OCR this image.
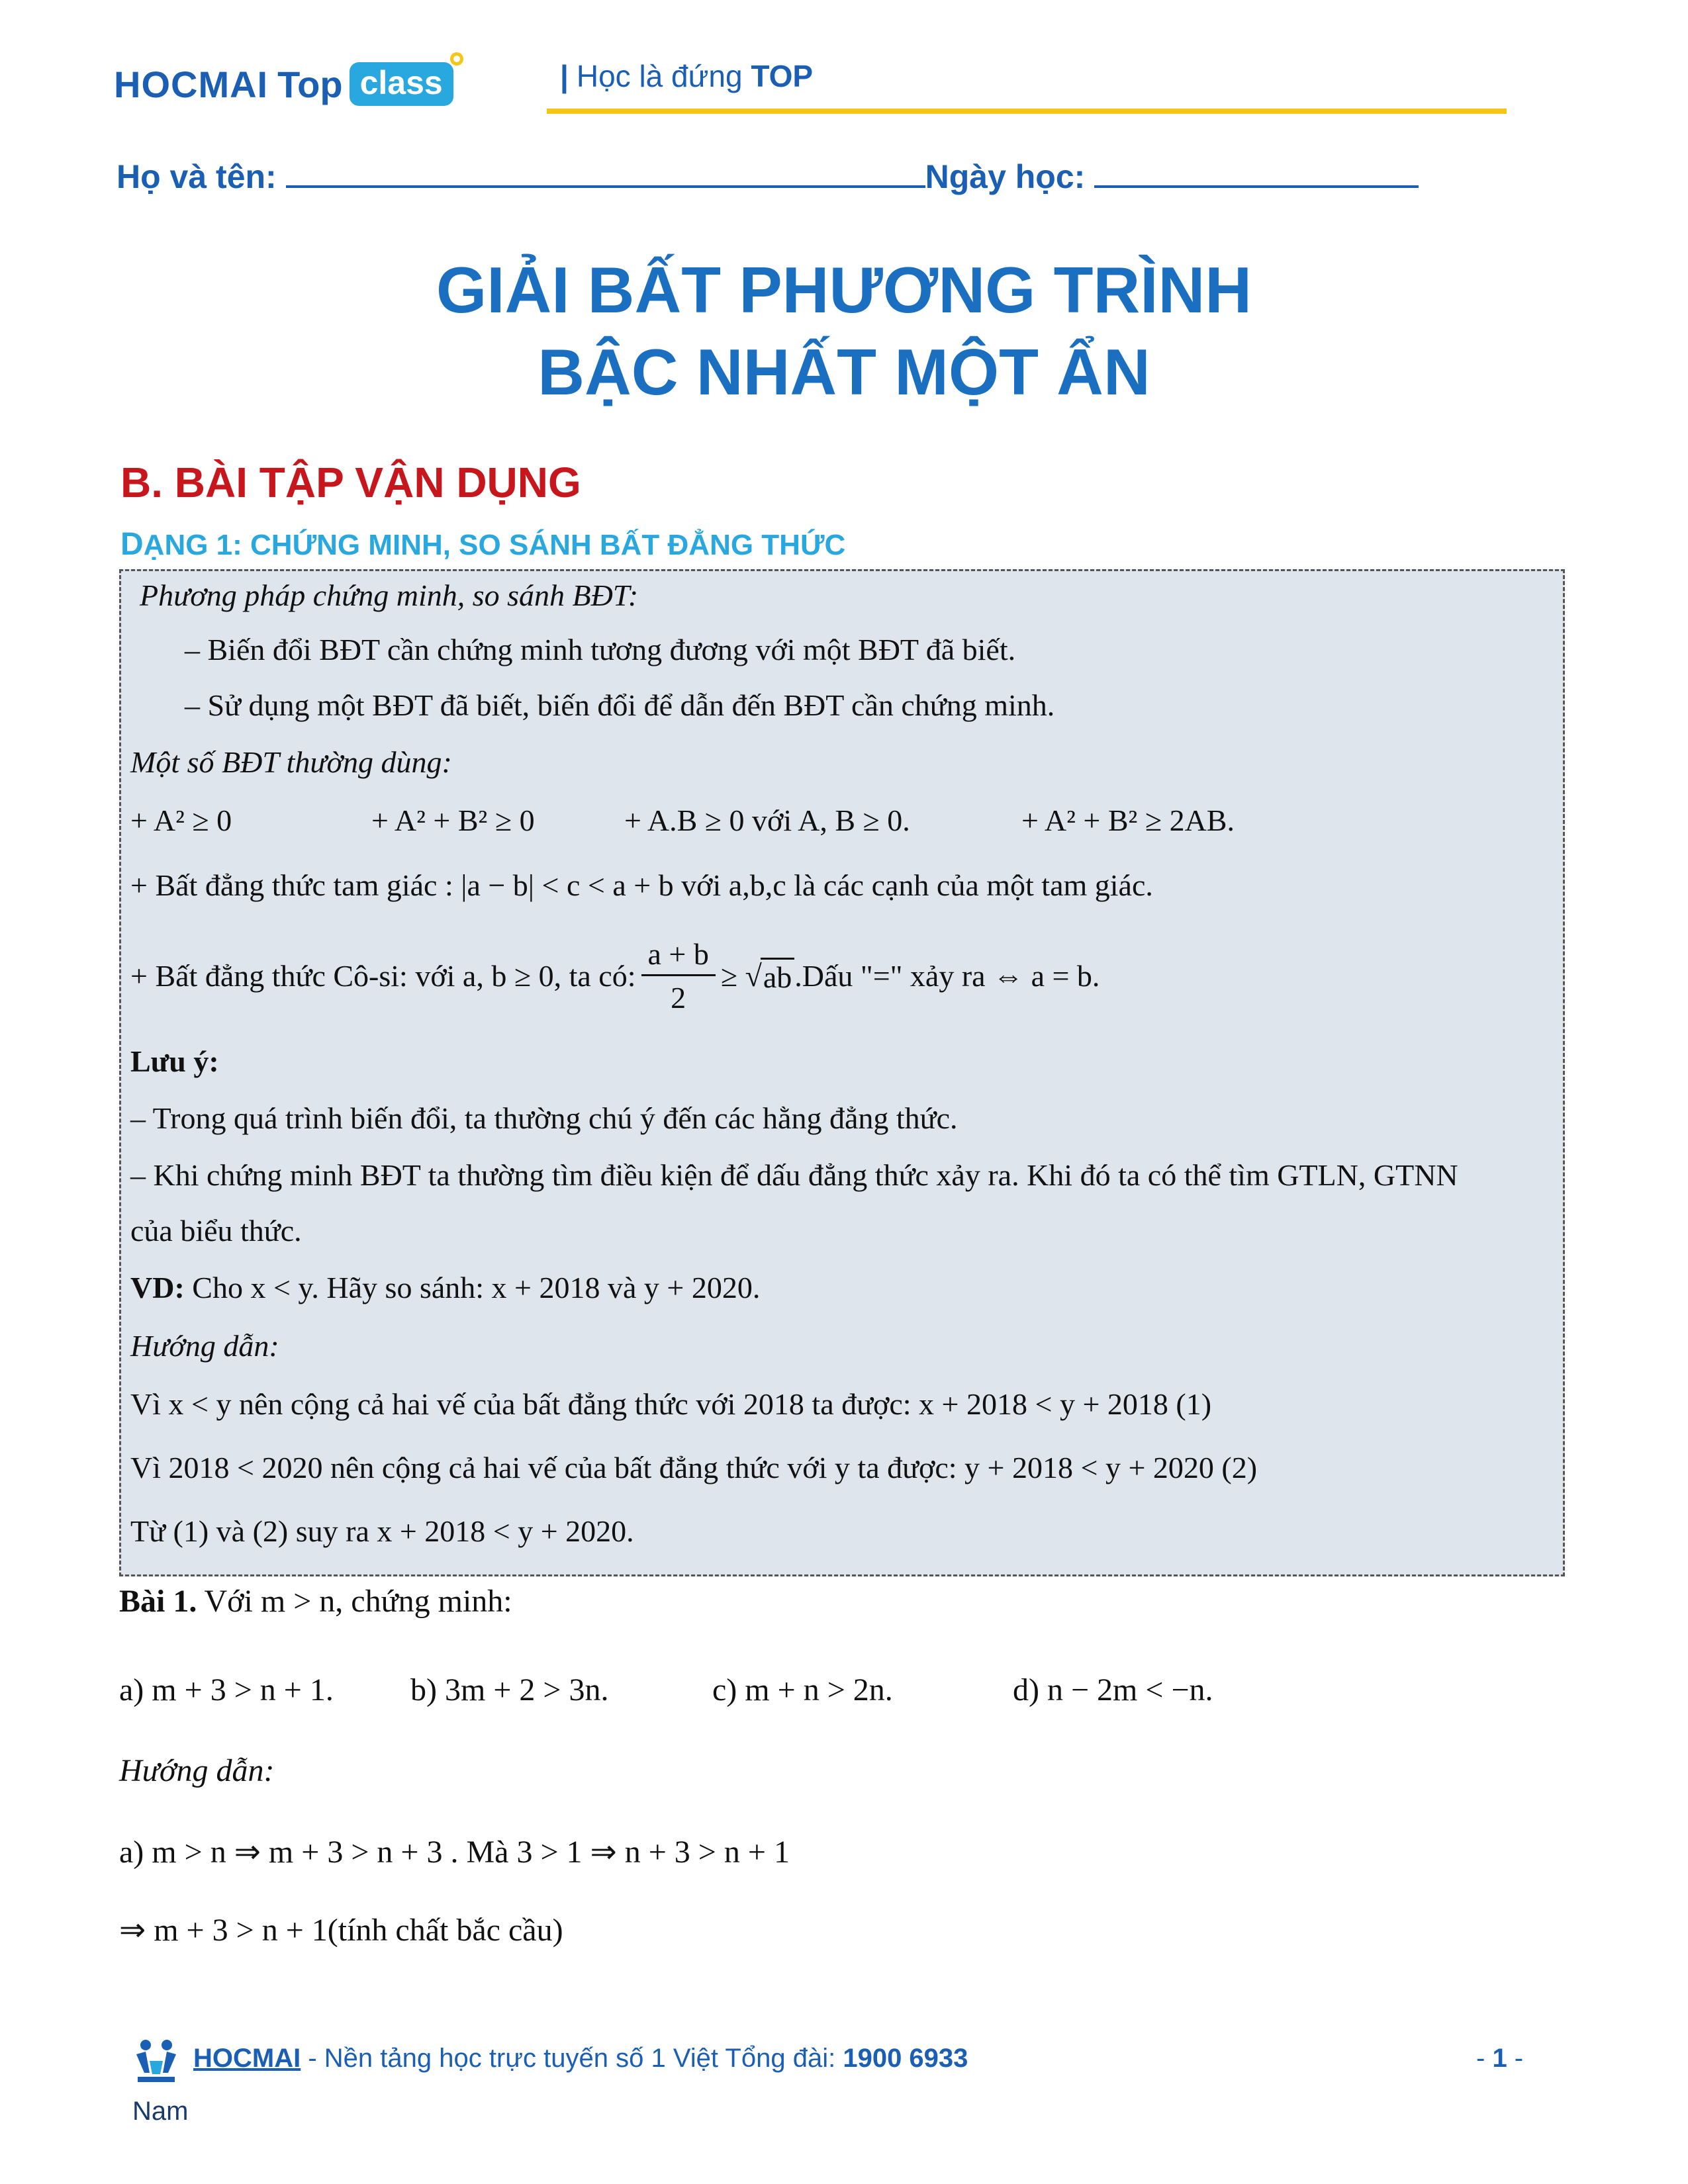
HOCMAI Top class	| Học là đứng TOP
Họ và tên:	Ngày học:
GIẢI BẤT PHƯƠNG TRÌNH
BẬC NHẤT MỘT ẨN
B. BÀI TẬP VẬN DỤNG
DẠNG 1: CHỨNG MINH, SO SÁNH BẤT ĐẲNG THỨC
Phương pháp chứng minh, so sánh BĐT:
– Biến đổi BĐT cần chứng minh tương đương với một BĐT đã biết.
– Sử dụng một BĐT đã biết, biến đổi để dẫn đến BĐT cần chứng minh.
Một số BĐT thường dùng:
+ A² ≥ 0	+ A² + B² ≥ 0	+ A.B ≥ 0 với A, B ≥ 0.	+ A² + B² ≥ 2AB.
+ Bất đẳng thức tam giác : |a − b| < c < a + b với a,b,c là các cạnh của một tam giác.
+ Bất đẳng thức Cô-si: với a, b ≥ 0, ta có: $\frac{a + b}{2}$ ≥ √ ab .Dấu "=" xảy ra ⇔ a = b.
Lưu ý:
– Trong quá trình biến đổi, ta thường chú ý đến các hằng đẳng thức.
– Khi chứng minh BĐT ta thường tìm điều kiện để dấu đẳng thức xảy ra. Khi đó ta có thể tìm GTLN, GTNN
của biểu thức.
VD: Cho x < y. Hãy so sánh: x + 2018 và y + 2020.
Hướng dẫn:
Vì x < y nên cộng cả hai vế của bất đẳng thức với 2018 ta được: x + 2018 < y + 2018 (1)
Vì 2018 < 2020 nên cộng cả hai vế của bất đẳng thức với y ta được: y + 2018 < y + 2020 (2)
Từ (1) và (2) suy ra x + 2018 < y + 2020.
Bài 1. Với m > n, chứng minh:
a) m + 3 > n + 1. b) 3m + 2 > 3n.	c) m + n > 2n.	d) n − 2m < −n.
Hướng dẫn:
a) m > n ⇒ m + 3 > n + 3 . Mà 3 > 1 ⇒ n + 3 > n + 1
⇒ m + 3 > n + 1(tính chất bắc cầu)
HOCMAI - Nền tảng học trực tuyến số 1 Việt Tổng đài: 1900 6933	- 1 -
Nam
